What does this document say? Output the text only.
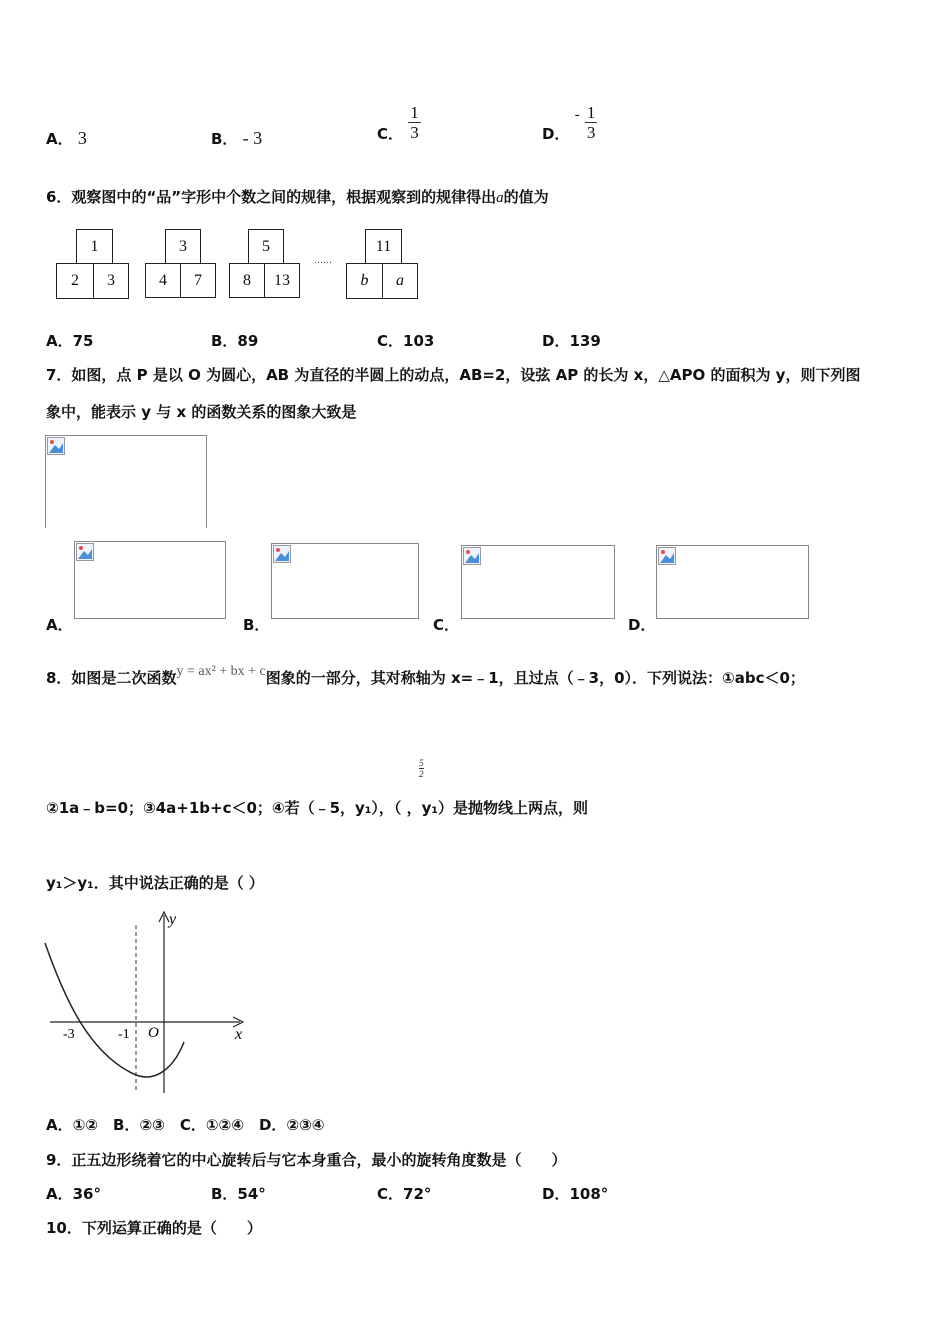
A． 3	B． - 3	C． $\frac{1}{3}$	D． - $\frac{1}{3}$
6．观察图中的“品”字形中个数之间的规律，根据观察到的规律得出a的值为
1
2	3
3
4	7
5
8	13
……
11
b	a
A．75	B．89	C．103	D．139
7．如图，点 P 是以 O 为圆心，AB 为直径的半圆上的动点，AB=2，设弦 AP 的长为 x，△APO 的面积为 y，则下列图
象中，能表示 y 与 x 的函数关系的图象大致是
A．	B．	C．	D．
8．如图是二次函数y = ax² + bx + c图象的一部分，其对称轴为 x=﹣1，且过点（﹣3，0）．下列说法：①abc＜0；
$\frac{5}{2}$
②1a﹣b=0；③4a+1b+c＜0；④若（﹣5，y₁），（ ，y₁）是抛物线上两点，则
y₁＞y₁．其中说法正确的是（ ）
y
x
-3	-1 O
A．①②　B．②③　C．①②④　D．②③④
9．正五边形绕着它的中心旋转后与它本身重合，最小的旋转角度数是（　　）
A．36°	B．54°	C．72°	D．108°
10．下列运算正确的是（　　）
